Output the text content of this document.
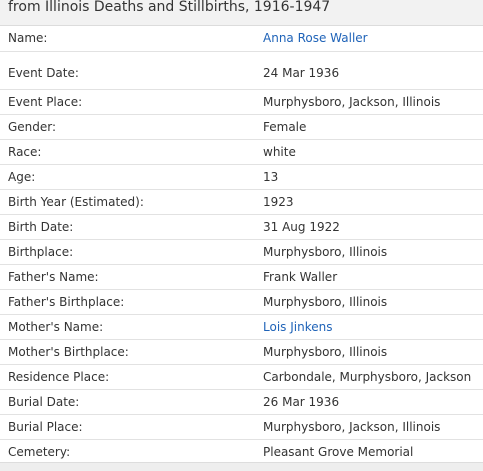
from Illinois Deaths and Stillbirths, 1916-1947
Name:	Anna Rose Waller
Event Date:	24 Mar 1936
Event Place:	Murphysboro, Jackson, Illinois
Gender:	Female
Race:	white
Age:	13
Birth Year (Estimated):	1923
Birth Date:	31 Aug 1922
Birthplace:	Murphysboro, Illinois
Father's Name:	Frank Waller
Father's Birthplace:	Murphysboro, Illinois
Mother's Name:	Lois Jinkens
Mother's Birthplace:	Murphysboro, Illinois
Residence Place:	Carbondale, Murphysboro, Jackson
Burial Date:	26 Mar 1936
Burial Place:	Murphysboro, Jackson, Illinois
Cemetery:	Pleasant Grove Memorial
